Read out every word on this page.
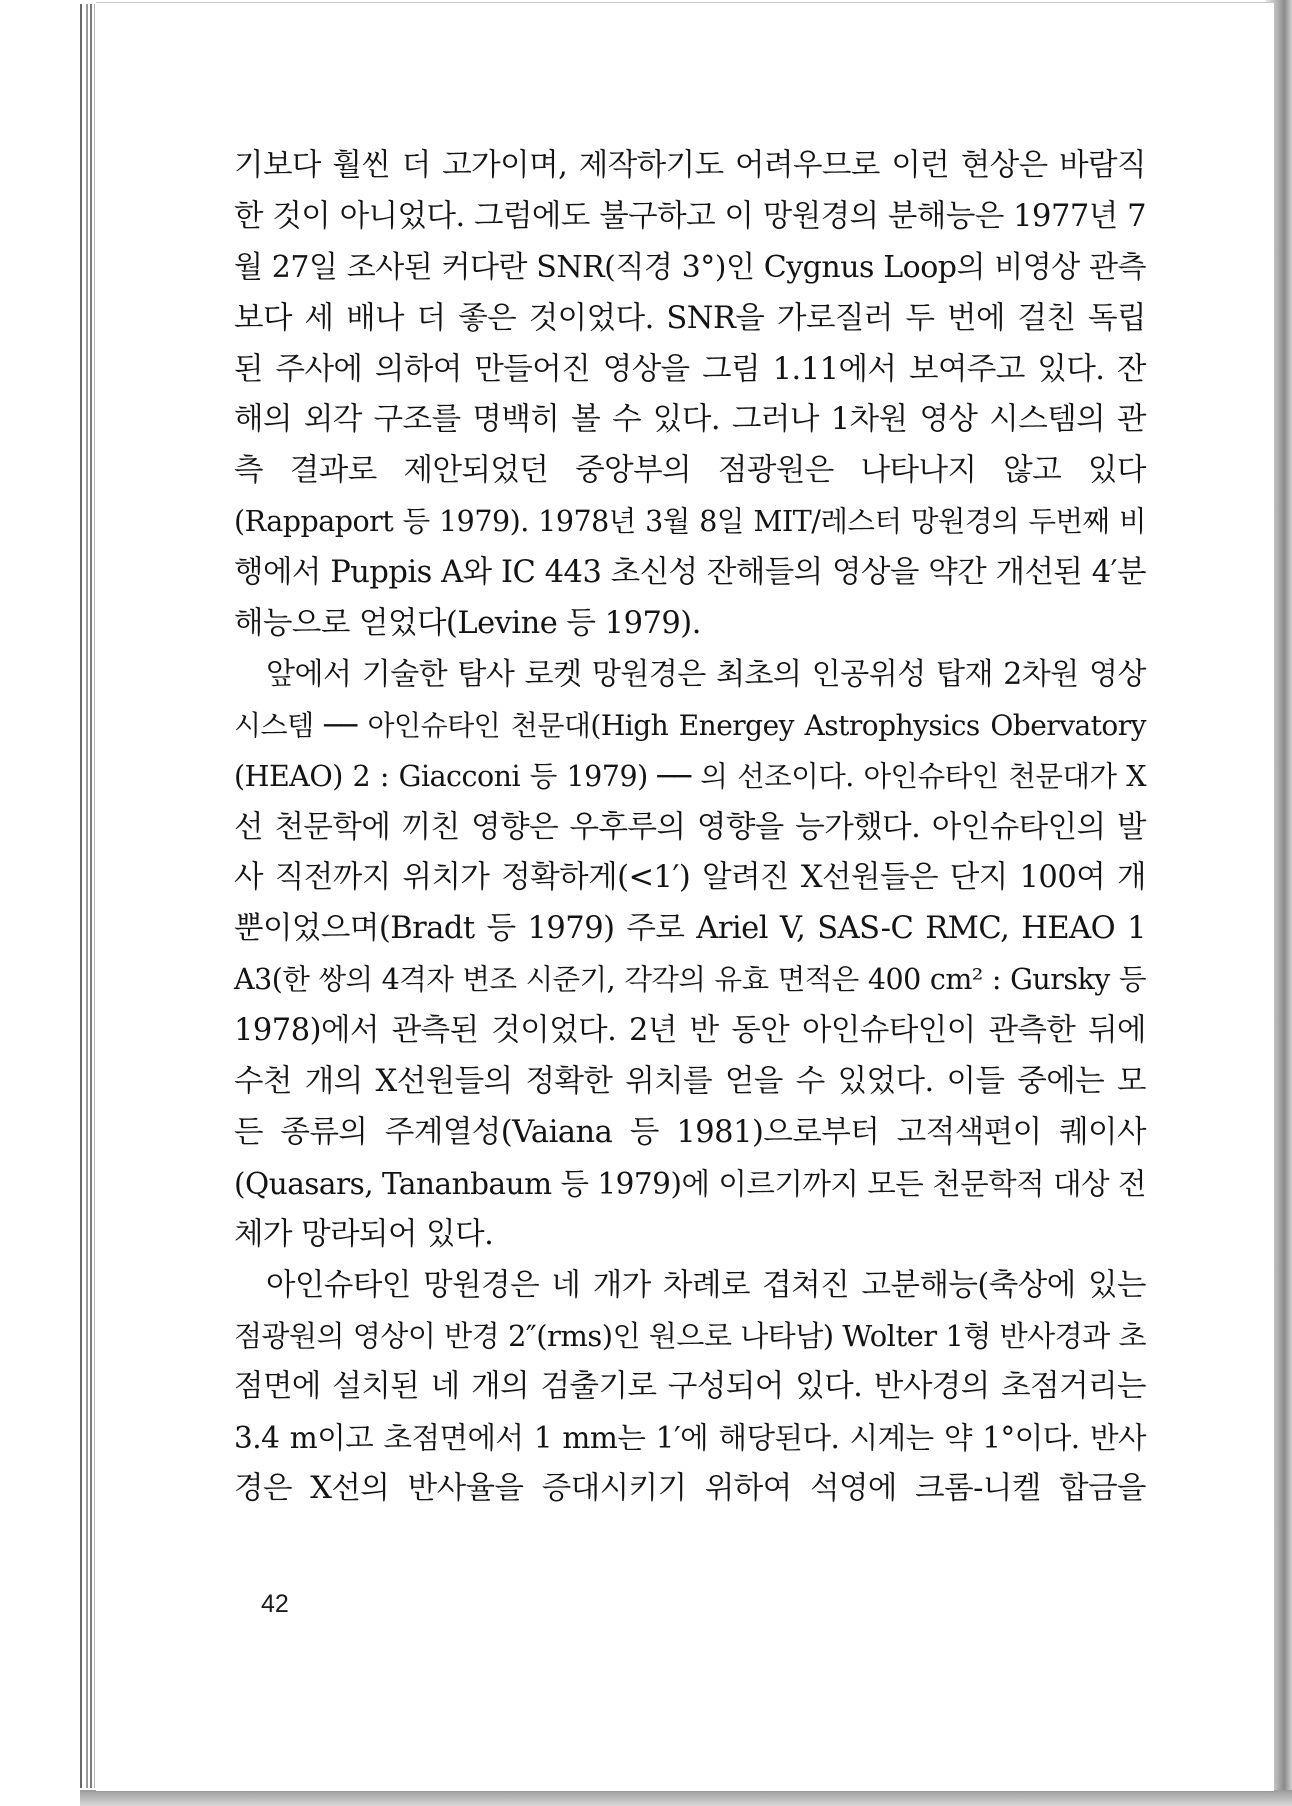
기보다 훨씬 더 고가이며, 제작하기도 어려우므로 이런 현상은 바람직
한 것이 아니었다. 그럼에도 불구하고 이 망원경의 분해능은 1977년 7
월 27일 조사된 커다란 SNR(직경 3°)인 Cygnus Loop의 비영상 관측
보다 세 배나 더 좋은 것이었다. SNR을 가로질러 두 번에 걸친 독립
된 주사에 의하여 만들어진 영상을 그림 1.11에서 보여주고 있다. 잔
해의 외각 구조를 명백히 볼 수 있다. 그러나 1차원 영상 시스템의 관
측 결과로 제안되었던 중앙부의 점광원은 나타나지 않고 있다
(Rappaport 등 1979). 1978년 3월 8일 MIT/레스터 망원경의 두번째 비
행에서 Puppis A와 IC 443 초신성 잔해들의 영상을 약간 개선된 4′분
해능으로 얻었다(Levine 등 1979).
앞에서 기술한 탐사 로켓 망원경은 최초의 인공위성 탑재 2차원 영상
시스템 ── 아인슈타인 천문대(High Energey Astrophysics Obervatory
(HEAO) 2 : Giacconi 등 1979) ── 의 선조이다. 아인슈타인 천문대가 X
선 천문학에 끼친 영향은 우후루의 영향을 능가했다. 아인슈타인의 발
사 직전까지 위치가 정확하게(<1′) 알려진 X선원들은 단지 100여 개
뿐이었으며(Bradt 등 1979) 주로 Ariel V, SAS-C RMC, HEAO 1
A3(한 쌍의 4격자 변조 시준기, 각각의 유효 면적은 400 cm² : Gursky 등
1978)에서 관측된 것이었다. 2년 반 동안 아인슈타인이 관측한 뒤에
수천 개의 X선원들의 정확한 위치를 얻을 수 있었다. 이들 중에는 모
든 종류의 주계열성(Vaiana 등 1981)으로부터 고적색편이 퀘이사
(Quasars, Tananbaum 등 1979)에 이르기까지 모든 천문학적 대상 전
체가 망라되어 있다.
아인슈타인 망원경은 네 개가 차례로 겹쳐진 고분해능(축상에 있는
점광원의 영상이 반경 2″(rms)인 원으로 나타남) Wolter 1형 반사경과 초
점면에 설치된 네 개의 검출기로 구성되어 있다. 반사경의 초점거리는
3.4 m이고 초점면에서 1 mm는 1′에 해당된다. 시계는 약 1°이다. 반사
경은 X선의 반사율을 증대시키기 위하여 석영에 크롬-니켈 합금을
42
